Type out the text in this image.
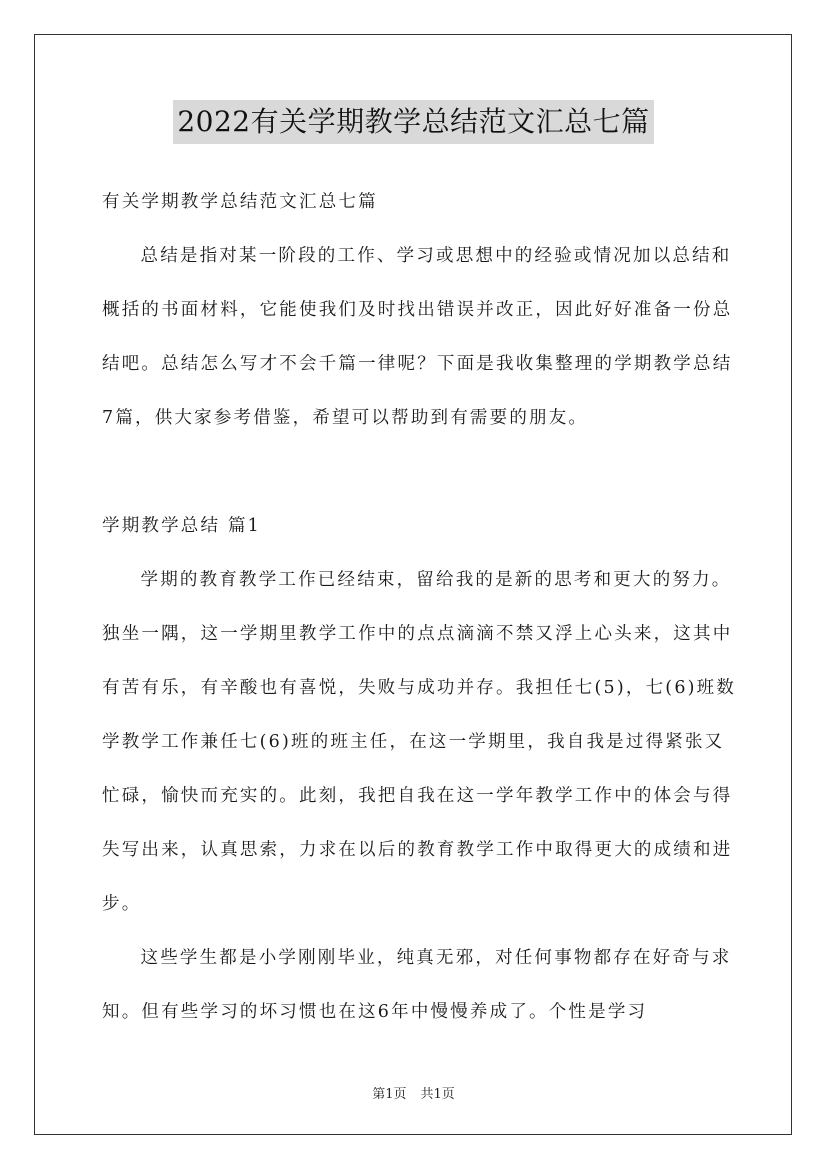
2022有关学期教学总结范文汇总七篇

有关学期教学总结范文汇总七篇

总结是指对某一阶段的工作、学习或思想中的经验或情况加以总结和概括的书面材料，它能使我们及时找出错误并改正，因此好好准备一份总结吧。总结怎么写才不会千篇一律呢？下面是我收集整理的学期教学总结7篇，供大家参考借鉴，希望可以帮助到有需要的朋友。

学期教学总结 篇1

学期的教育教学工作已经结束，留给我的是新的思考和更大的努力。独坐一隅，这一学期里教学工作中的点点滴滴不禁又浮上心头来，这其中有苦有乐，有辛酸也有喜悦，失败与成功并存。我担任七(5)，七(6)班数学教学工作兼任七(6)班的班主任，在这一学期里，我自我是过得紧张又忙碌，愉快而充实的。此刻，我把自我在这一学年教学工作中的体会与得失写出来，认真思索，力求在以后的教育教学工作中取得更大的成绩和进步。

这些学生都是小学刚刚毕业，纯真无邪，对任何事物都存在好奇与求知。但有些学习的坏习惯也在这6年中慢慢养成了。个性是学习

第1页 共1页
